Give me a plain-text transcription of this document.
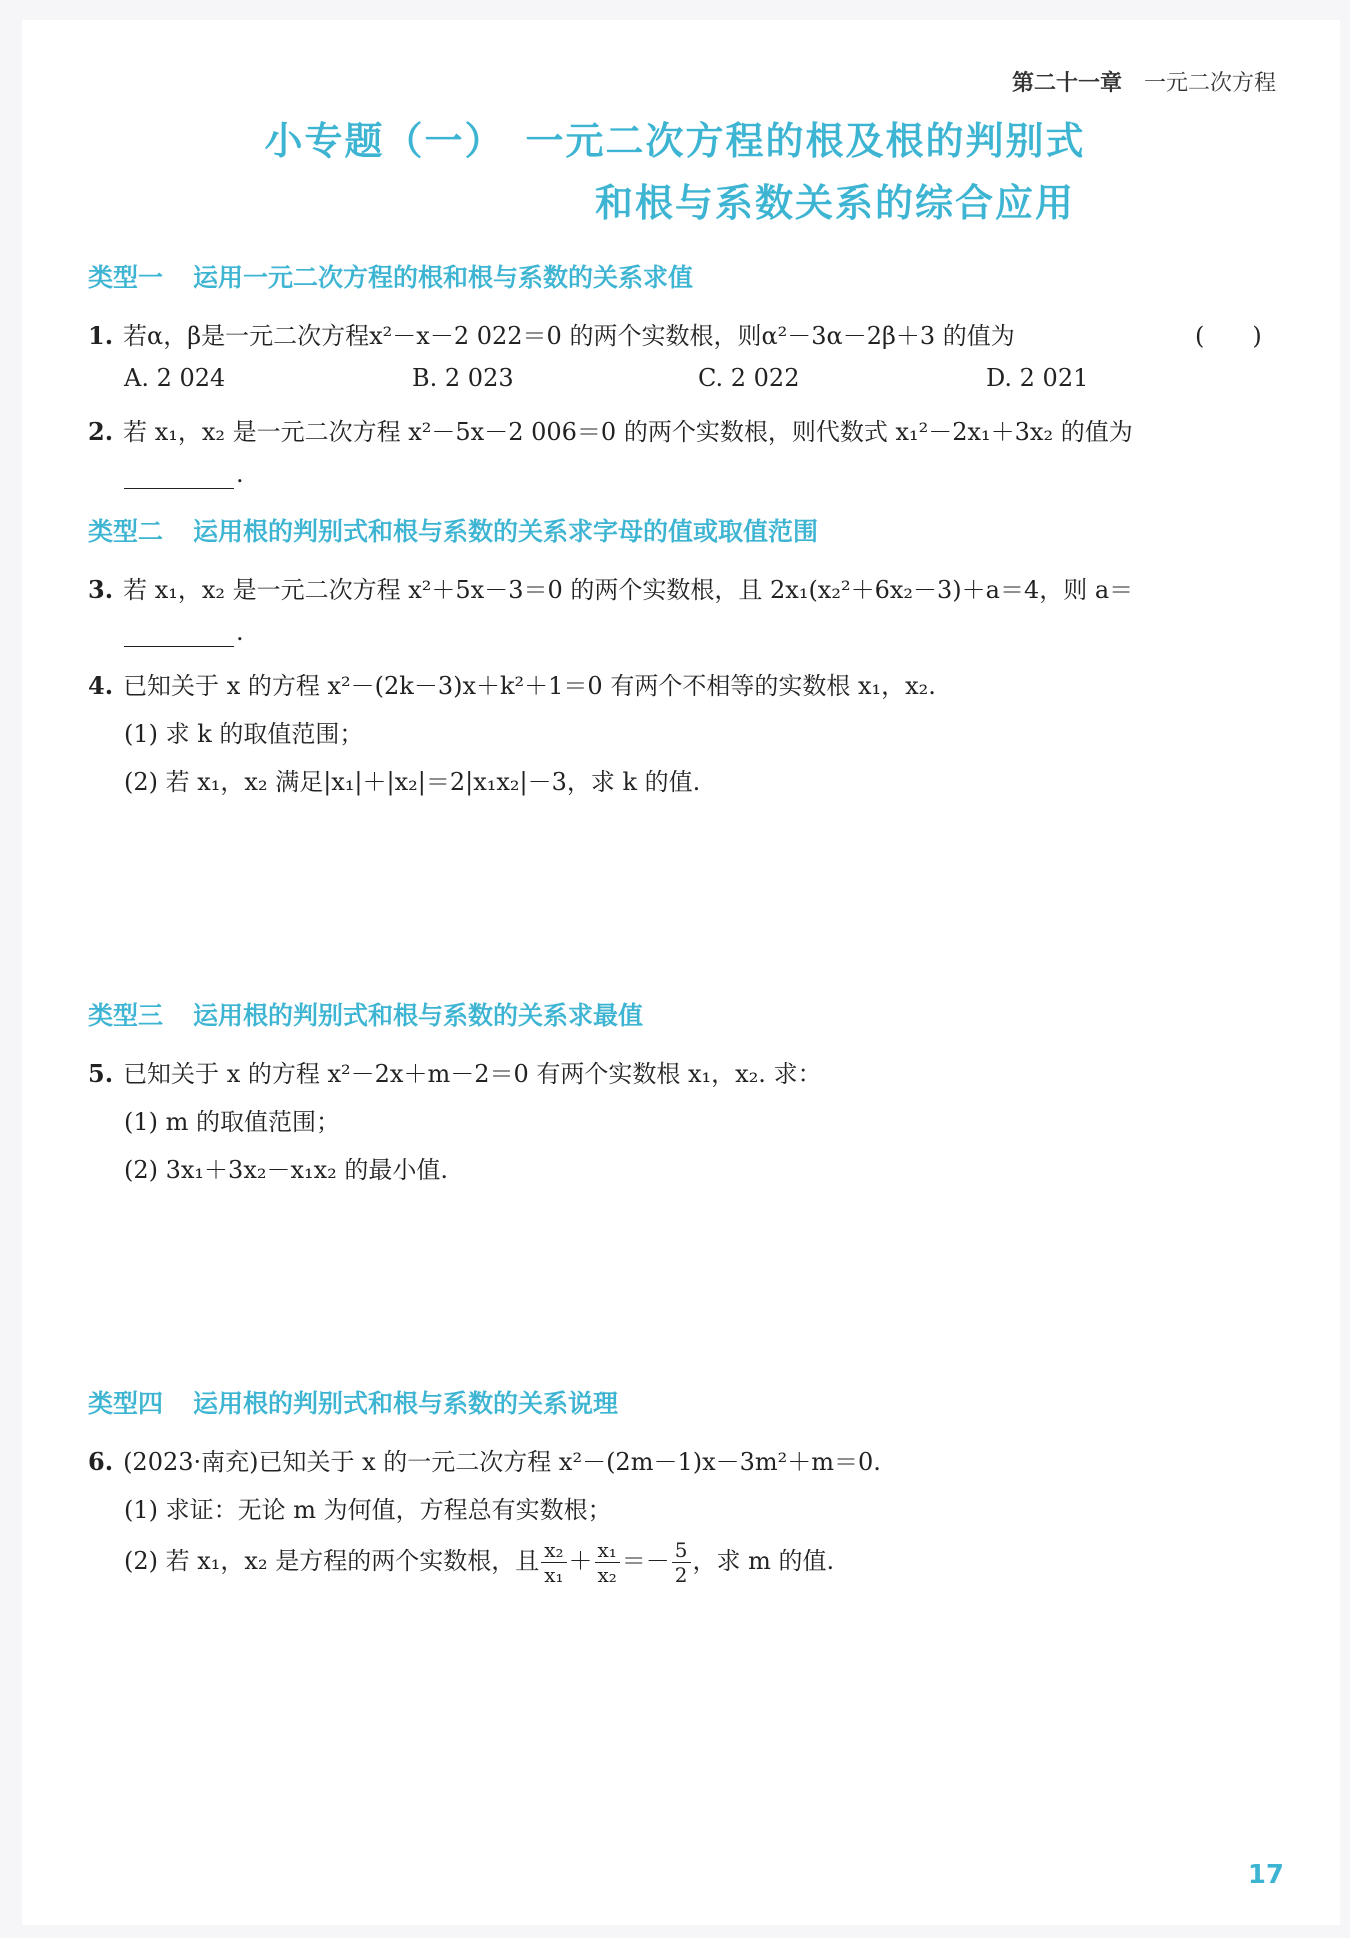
第二十一章 一元二次方程
小专题（一）　一元二次方程的根及根的判别式
和根与系数关系的综合应用
类型一 运用一元二次方程的根和根与系数的关系求值
1. 若α，β是一元二次方程x²－x－2 022＝0 的两个实数根，则α²－3α－2β＋3 的值为	(　　)
A. 2 024	B. 2 023	C. 2 022	D. 2 021
2. 若 x₁，x₂ 是一元二次方程 x²－5x－2 006＝0 的两个实数根，则代数式 x₁²－2x₁＋3x₂ 的值为
.
类型二 运用根的判别式和根与系数的关系求字母的值或取值范围
3. 若 x₁，x₂ 是一元二次方程 x²＋5x－3＝0 的两个实数根，且 2x₁(x₂²＋6x₂－3)＋a＝4，则 a＝
.
4. 已知关于 x 的方程 x²－(2k－3)x＋k²＋1＝0 有两个不相等的实数根 x₁，x₂.
(1) 求 k 的取值范围；
(2) 若 x₁，x₂ 满足|x₁|＋|x₂|＝2|x₁x₂|－3，求 k 的值.
类型三 运用根的判别式和根与系数的关系求最值
5. 已知关于 x 的方程 x²－2x＋m－2＝0 有两个实数根 x₁，x₂. 求：
(1) m 的取值范围；
(2) 3x₁＋3x₂－x₁x₂ 的最小值.
类型四 运用根的判别式和根与系数的关系说理
6. (2023·南充)已知关于 x 的一元二次方程 x²－(2m－1)x－3m²＋m＝0.
(1) 求证：无论 m 为何值，方程总有实数根；
(2) 若 x₁，x₂ 是方程的两个实数根，且 $\frac{\text{x₂}}{\text{x₁}} + \frac{\text{x₁}}{\text{x₂}} =- \frac{5}{2}$ ，求 m 的值.
17
